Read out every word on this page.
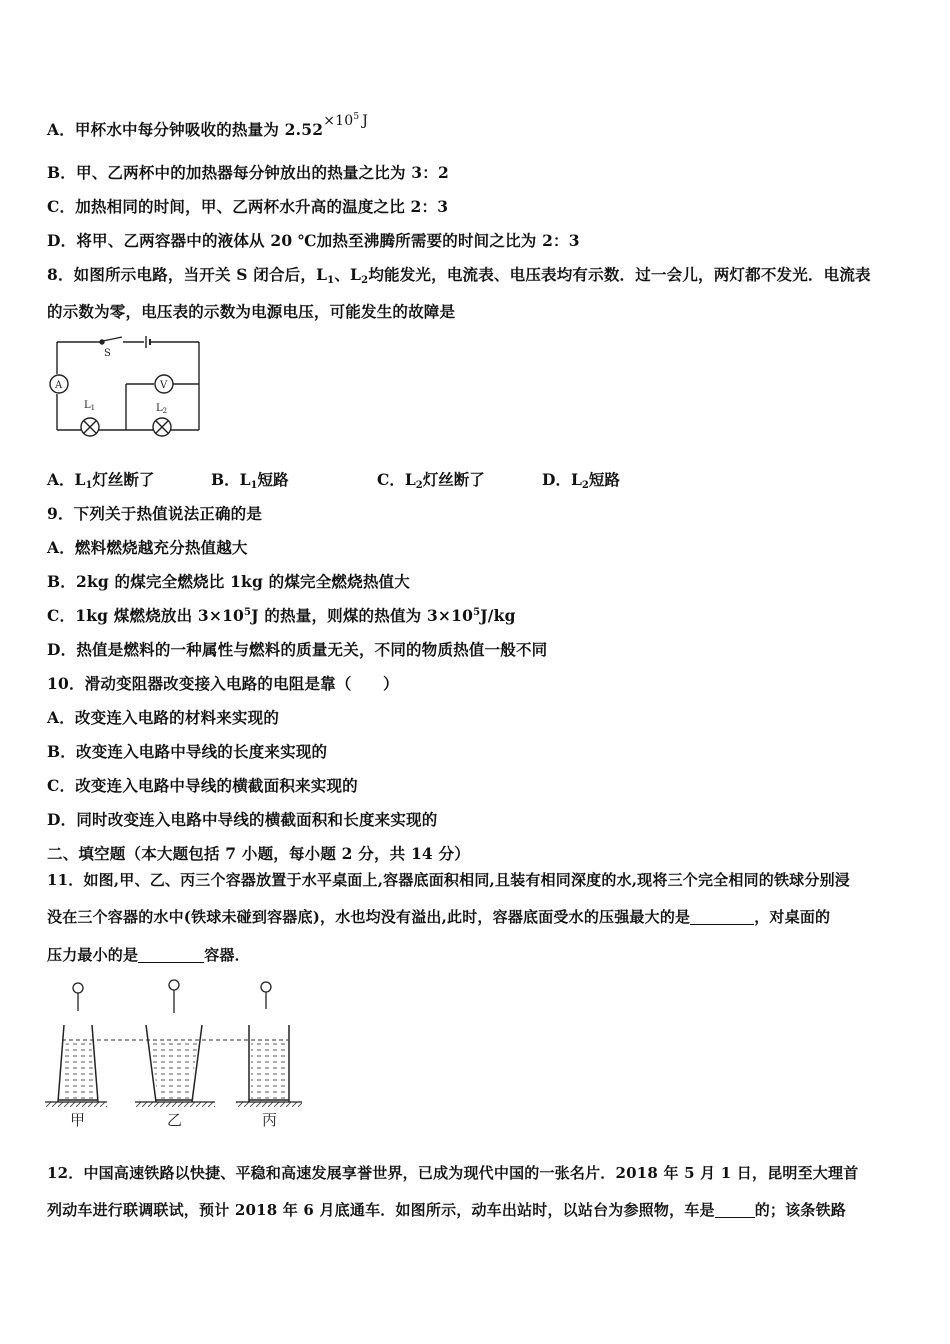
A．甲杯水中每分钟吸收的热量为 $2.52\times 10^5$ J
B．甲、乙两杯中的加热器每分钟放出的热量之比为 3：2
C．加热相同的时间，甲、乙两杯水升高的温度之比 2：3
D．将甲、乙两容器中的液体从 20 ℃加热至沸腾所需要的时间之比为 2：3
8．如图所示电路，当开关 S 闭合后，$L_1$、$L_2$均能发光，电流表、电压表均有示数．过一会儿，两灯都不发光．电流表
的示数为零，电压表的示数为电源电压，可能发生的故障是
S
A	V
$L_1$	$L_2$
A．$L_1$灯丝断了	B．$L_1$短路	C．$L_2$灯丝断了	D．$L_2$短路
9．下列关于热值说法正确的是
A．燃料燃烧越充分热值越大
B．2kg 的煤完全燃烧比 1kg 的煤完全燃烧热值大
C．1kg 煤燃烧放出 $3\times 10^5J$ 的热量，则煤的热值为 $3\times 10^5J/kg$
D．热值是燃料的一种属性与燃料的质量无关，不同的物质热值一般不同
10．滑动变阻器改变接入电路的电阻是靠（　　）
A．改变连入电路的材料来实现的
B．改变连入电路中导线的长度来实现的
C．改变连入电路中导线的横截面积来实现的
D．同时改变连入电路中导线的横截面积和长度来实现的
二、填空题（本大题包括 7 小题，每小题 2 分，共 14 分）
11．如图,甲、乙、丙三个容器放置于水平桌面上,容器底面积相同,且装有相同深度的水,现将三个完全相同的铁球分别浸
没在三个容器的水中(铁球未碰到容器底)，水也均没有溢出,此时，容器底面受水的压强最大的是	，对桌面的
压力最小的是	容器．
甲	乙	丙
12．中国高速铁路以快捷、平稳和高速发展享誉世界，已成为现代中国的一张名片．2018 年 5 月 1 日，昆明至大理首
列动车进行联调联试，预计 2018 年 6 月底通车．如图所示，动车出站时，以站台为参照物，车是	的；该条铁路
